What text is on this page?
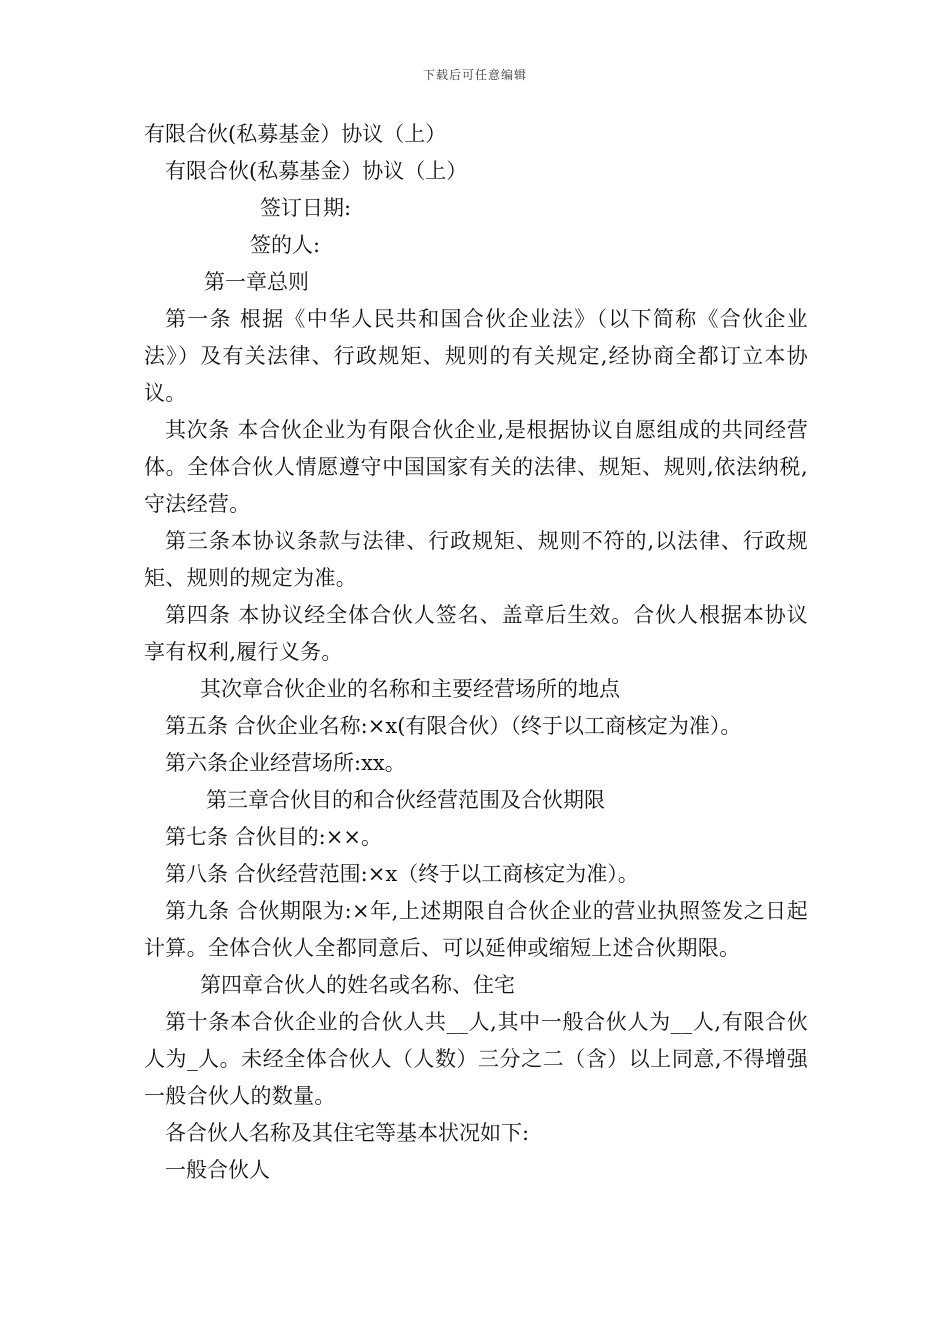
下载后可任意编辑

有限合伙(私募基金）协议（上）

有限合伙(私募基金）协议（上）

签订日期:

签的人:

第一章总则

第一条 根据《中华人民共和国合伙企业法》（以下简称《合伙企业法》）及有关法律、行政规矩、规则的有关规定,经协商全都订立本协议。

其次条 本合伙企业为有限合伙企业,是根据协议自愿组成的共同经营体。全体合伙人情愿遵守中国国家有关的法律、规矩、规则,依法纳税,守法经营。

第三条本协议条款与法律、行政规矩、规则不符的,以法律、行政规矩、规则的规定为准。

第四条 本协议经全体合伙人签名、盖章后生效。合伙人根据本协议享有权利,履行义务。

其次章合伙企业的名称和主要经营场所的地点

第五条 合伙企业名称:×x(有限合伙）（终于以工商核定为准）。

第六条企业经营场所:xx。

第三章合伙目的和合伙经营范围及合伙期限

第七条 合伙目的:××。

第八条 合伙经营范围:×x（终于以工商核定为准）。

第九条 合伙期限为:×年,上述期限自合伙企业的营业执照签发之日起计算。全体合伙人全都同意后、可以延伸或缩短上述合伙期限。

第四章合伙人的姓名或名称、住宅

第十条本合伙企业的合伙人共__人,其中一般合伙人为__人,有限合伙人为_人。未经全体合伙人（人数）三分之二（含）以上同意,不得增强一般合伙人的数量。

各合伙人名称及其住宅等基本状况如下:

一般合伙人
